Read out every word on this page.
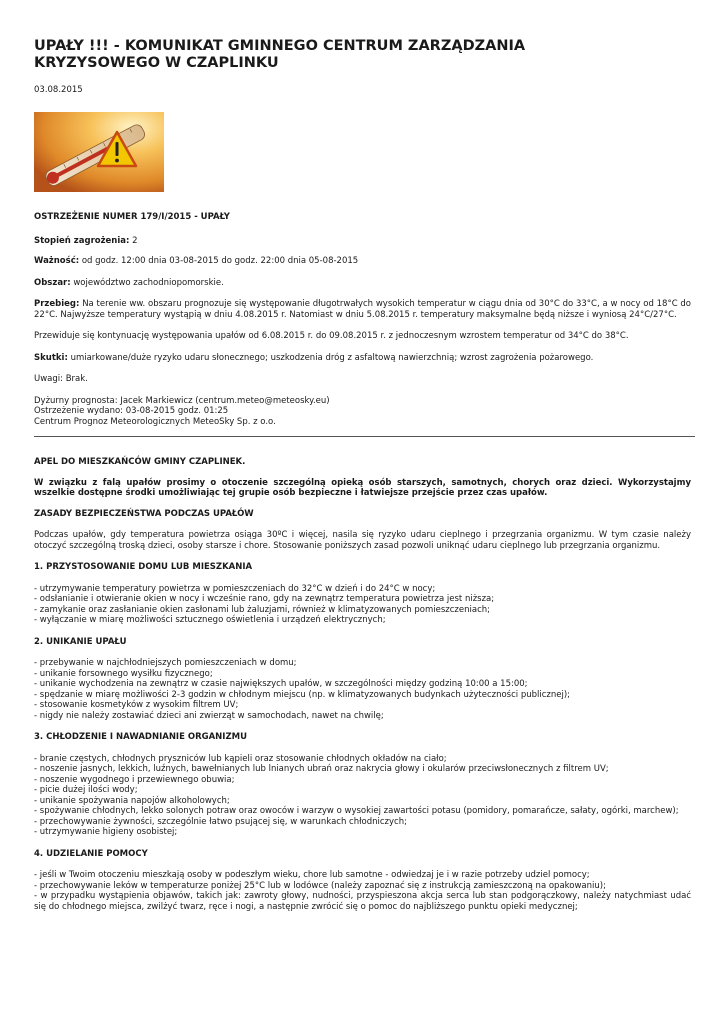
UPAŁY !!! - KOMUNIKAT GMINNEGO CENTRUM ZARZĄDZANIA KRYZYSOWEGO W CZAPLINKU
03.08.2015

OSTRZEŻENIE NUMER 179/I/2015 - UPAŁY

Stopień zagrożenia: 2

Ważność: od godz. 12:00 dnia 03-08-2015 do godz. 22:00 dnia 05-08-2015

Obszar: województwo zachodniopomorskie.

Przebieg: Na terenie ww. obszaru prognozuje się występowanie długotrwałych wysokich temperatur w ciągu dnia od 30°C do 33°C, a w nocy od 18°C do 22°C. Najwyższe temperatury wystąpią w dniu 4.08.2015 r. Natomiast w dniu 5.08.2015 r. temperatury maksymalne będą niższe i wyniosą 24°C/27°C.

Przewiduje się kontynuację występowania upałów od 6.08.2015 r. do 09.08.2015 r. z jednoczesnym wzrostem temperatur od 34°C do 38°C.

Skutki: umiarkowane/duże ryzyko udaru słonecznego; uszkodzenia dróg z asfaltową nawierzchnią; wzrost zagrożenia pożarowego.

Uwagi: Brak.

Dyżurny prognosta: Jacek Markiewicz (centrum.meteo@meteosky.eu)
Ostrzeżenie wydano: 03-08-2015 godz. 01:25
Centrum Prognoz Meteorologicznych MeteoSky Sp. z o.o.

APEL DO MIESZKAŃCÓW GMINY CZAPLINEK.

W związku z falą upałów prosimy o otoczenie szczególną opieką osób starszych, samotnych, chorych oraz dzieci. Wykorzystajmy wszelkie dostępne środki umożliwiając tej grupie osób bezpieczne i łatwiejsze przejście przez czas upałów.

ZASADY BEZPIECZEŃSTWA PODCZAS UPAŁÓW

Podczas upałów, gdy temperatura powietrza osiąga 30ºC i więcej, nasila się ryzyko udaru cieplnego i przegrzania organizmu. W tym czasie należy otoczyć szczególną troską dzieci, osoby starsze i chore. Stosowanie poniższych zasad pozwoli uniknąć udaru cieplnego lub przegrzania organizmu.

1. PRZYSTOSOWANIE DOMU LUB MIESZKANIA

- utrzymywanie temperatury powietrza w pomieszczeniach do 32°C w dzień i do 24°C w nocy;
- odsłanianie i otwieranie okien w nocy i wcześnie rano, gdy na zewnątrz temperatura powietrza jest niższa;
- zamykanie oraz zasłanianie okien zasłonami lub żaluzjami, również w klimatyzowanych pomieszczeniach;
- wyłączanie w miarę możliwości sztucznego oświetlenia i urządzeń elektrycznych;

2. UNIKANIE UPAŁU

- przebywanie w najchłodniejszych pomieszczeniach w domu;
- unikanie forsownego wysiłku fizycznego;
- unikanie wychodzenia na zewnątrz w czasie największych upałów, w szczególności między godziną 10:00 a 15:00;
- spędzanie w miarę możliwości 2-3 godzin w chłodnym miejscu (np. w klimatyzowanych budynkach użyteczności publicznej);
- stosowanie kosmetyków z wysokim filtrem UV;
- nigdy nie należy zostawiać dzieci ani zwierząt w samochodach, nawet na chwilę;

3. CHŁODZENIE I NAWADNIANIE ORGANIZMU

- branie częstych, chłodnych pryszniców lub kąpieli oraz stosowanie chłodnych okładów na ciało;
- noszenie jasnych, lekkich, luźnych, bawełnianych lub lnianych ubrań oraz nakrycia głowy i okularów przeciwsłonecznych z filtrem UV;
- noszenie wygodnego i przewiewnego obuwia;
- picie dużej ilości wody;
- unikanie spożywania napojów alkoholowych;
- spożywanie chłodnych, lekko solonych potraw oraz owoców i warzyw o wysokiej zawartości potasu (pomidory, pomarańcze, sałaty, ogórki, marchew);
- przechowywanie żywności, szczególnie łatwo psującej się, w warunkach chłodniczych;
- utrzymywanie higieny osobistej;

4. UDZIELANIE POMOCY

- jeśli w Twoim otoczeniu mieszkają osoby w podeszłym wieku, chore lub samotne - odwiedzaj je i w razie potrzeby udziel pomocy;
- przechowywanie leków w temperaturze poniżej 25°C lub w lodówce (należy zapoznać się z instrukcją zamieszczoną na opakowaniu);
- w przypadku wystąpienia objawów, takich jak: zawroty głowy, nudności, przyspieszona akcja serca lub stan podgorączkowy, należy natychmiast udać się do chłodnego miejsca, zwilżyć twarz, ręce i nogi, a następnie zwrócić się o pomoc do najbliższego punktu opieki medycznej;
